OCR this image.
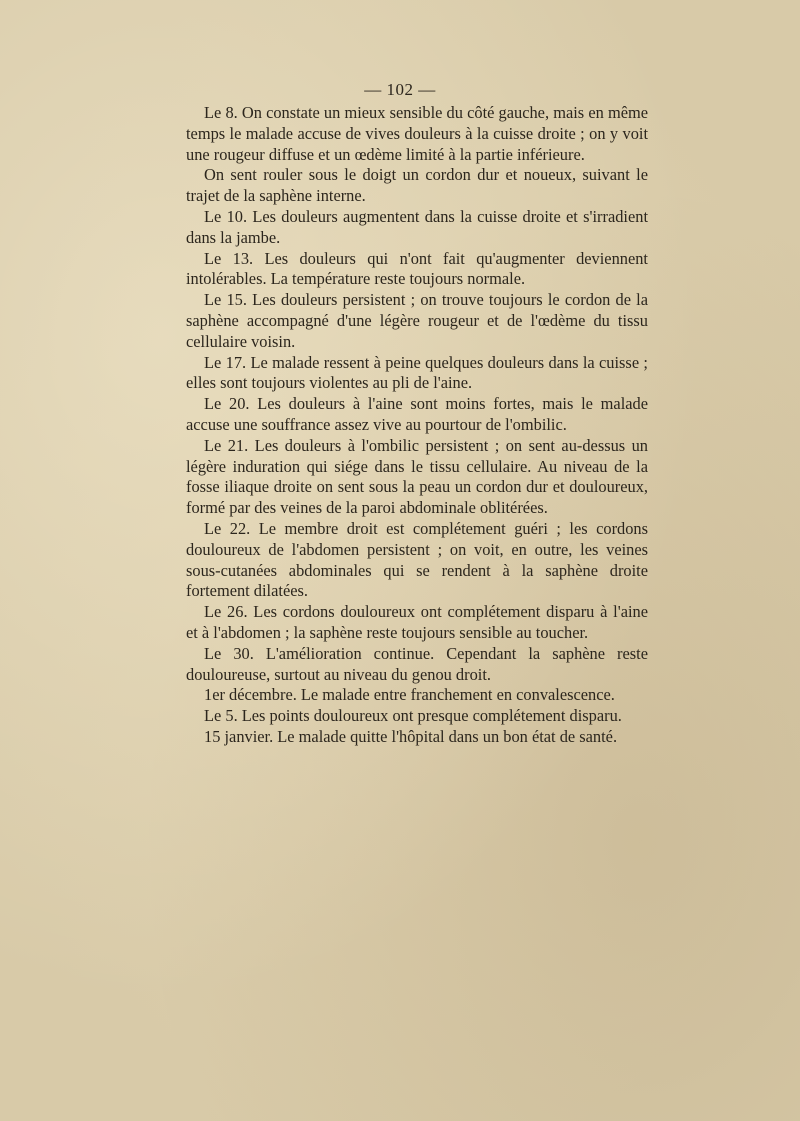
— 102 —

Le 8. On constate un mieux sensible du côté gauche, mais en même temps le malade accuse de vives douleurs à la cuisse droite ; on y voit une rougeur diffuse et un œdème limité à la partie inférieure.

On sent rouler sous le doigt un cordon dur et noueux, suivant le trajet de la saphène interne.

Le 10. Les douleurs augmentent dans la cuisse droite et s'irradient dans la jambe.

Le 13. Les douleurs qui n'ont fait qu'augmenter deviennent intolérables. La température reste toujours normale.

Le 15. Les douleurs persistent ; on trouve toujours le cordon de la saphène accompagné d'une légère rougeur et de l'œdème du tissu cellulaire voisin.

Le 17. Le malade ressent à peine quelques douleurs dans la cuisse ; elles sont toujours violentes au pli de l'aine.

Le 20. Les douleurs à l'aine sont moins fortes, mais le malade accuse une souffrance assez vive au pourtour de l'ombilic.

Le 21. Les douleurs à l'ombilic persistent ; on sent au-dessus un légère induration qui siége dans le tissu cellulaire. Au niveau de la fosse iliaque droite on sent sous la peau un cordon dur et douloureux, formé par des veines de la paroi abdominale oblitérées.

Le 22. Le membre droit est complétement guéri ; les cordons douloureux de l'abdomen persistent ; on voit, en outre, les veines sous-cutanées abdominales qui se rendent à la saphène droite fortement dilatées.

Le 26. Les cordons douloureux ont complétement disparu à l'aine et à l'abdomen ; la saphène reste toujours sensible au toucher.

Le 30. L'amélioration continue. Cependant la saphène reste douloureuse, surtout au niveau du genou droit.

1er décembre. Le malade entre franchement en convalescence.

Le 5. Les points douloureux ont presque complétement disparu.

15 janvier. Le malade quitte l'hôpital dans un bon état de santé.
